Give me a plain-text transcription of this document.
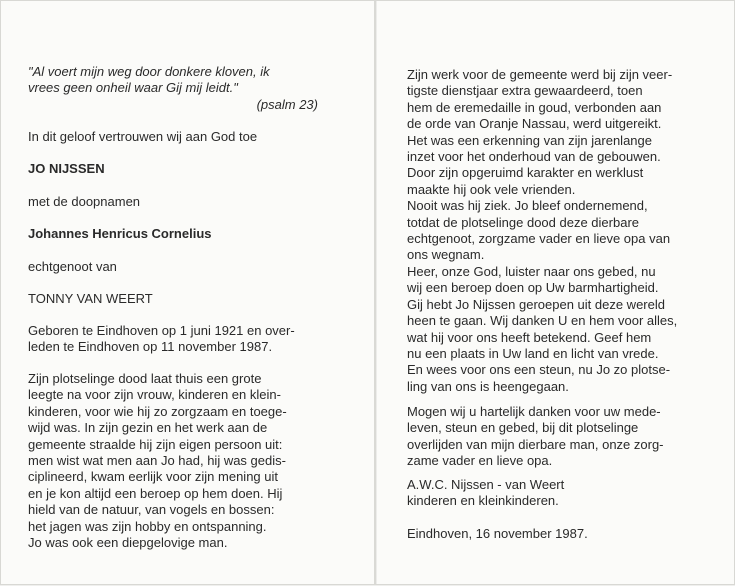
"Al voert mijn weg door donkere kloven, ik
vrees geen onheil waar Gij mij leidt."
(psalm 23)
In dit geloof vertrouwen wij aan God toe
JO NIJSSEN
met de doopnamen
Johannes Henricus Cornelius
echtgenoot van
TONNY VAN WEERT
Geboren te Eindhoven op 1 juni 1921 en over-
leden te Eindhoven op 11 november 1987.
Zijn plotselinge dood laat thuis een grote
leegte na voor zijn vrouw, kinderen en klein-
kinderen, voor wie hij zo zorgzaam en toege-
wijd was. In zijn gezin en het werk aan de
gemeente straalde hij zijn eigen persoon uit:
men wist wat men aan Jo had, hij was gedis-
ciplineerd, kwam eerlijk voor zijn mening uit
en je kon altijd een beroep op hem doen. Hij
hield van de natuur, van vogels en bossen:
het jagen was zijn hobby en ontspanning.
Jo was ook een diepgelovige man.
Zijn werk voor de gemeente werd bij zijn veer-
tigste dienstjaar extra gewaardeerd, toen
hem de eremedaille in goud, verbonden aan
de orde van Oranje Nassau, werd uitgereikt.
Het was een erkenning van zijn jarenlange
inzet voor het onderhoud van de gebouwen.
Door zijn opgeruimd karakter en werklust
maakte hij ook vele vrienden.
Nooit was hij ziek. Jo bleef ondernemend,
totdat de plotselinge dood deze dierbare
echtgenoot, zorgzame vader en lieve opa van
ons wegnam.
Heer, onze God, luister naar ons gebed, nu
wij een beroep doen op Uw barmhartigheid.
Gij hebt Jo Nijssen geroepen uit deze wereld
heen te gaan. Wij danken U en hem voor alles,
wat hij voor ons heeft betekend. Geef hem
nu een plaats in Uw land en licht van vrede.
En wees voor ons een steun, nu Jo zo plotse-
ling van ons is heengegaan.
Mogen wij u hartelijk danken voor uw mede-
leven, steun en gebed, bij dit plotselinge
overlijden van mijn dierbare man, onze zorg-
zame vader en lieve opa.
A.W.C. Nijssen - van Weert
kinderen en kleinkinderen.
Eindhoven, 16 november 1987.
